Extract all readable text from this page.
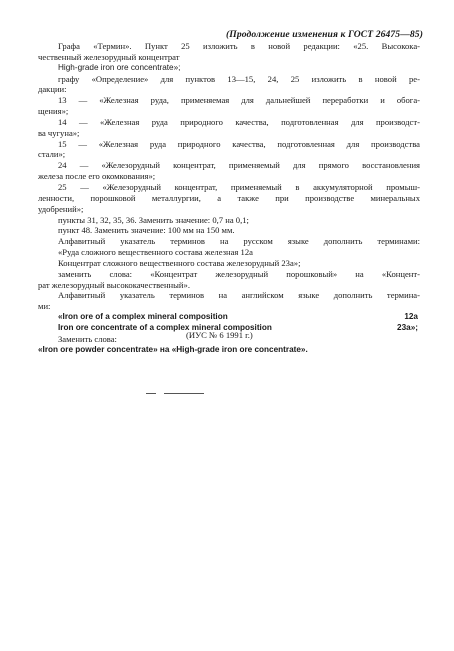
(Продолжение изменения к ГОСТ 26475—85)
Графа «Термин». Пункт 25 изложить в новой редакции: «25. Высокока-
чественный железорудный концентрат
High-grade iron ore concentrate»;
графу «Определение» для пунктов 13—15, 24, 25 изложить в новой ре-
дакции:
13 — «Железная руда, применяемая для дальнейшей переработки и обога-
щения»;
14 — «Железная руда природного качества, подготовленная для производст-
ва чугуна»;
15 — «Железная руда природного качества, подготовленная для производства
стали»;
24 — «Железорудный концентрат, применяемый для прямого восстановления
железа после его окомкования»;
25 — «Железорудный концентрат, применяемый в аккумуляторной промыш-
ленности, порошковой металлургии, а также при производстве минеральных
удобрений»;
пункты 31, 32, 35, 36. Заменить значение: 0,7 на 0,1;
пункт 48. Заменить значение: 100 мм на 150 мм.
Алфавитный указатель терминов на русском языке дополнить терминами:
«Руда сложного вещественного состава железная 12а
Концентрат сложного вещественного состава железорудный 23а»;
заменить слова: «Концентрат железорудный порошковый» на «Концент-
рат железорудный высококачественный».
Алфавитный указатель терминов на английском языке дополнить термина-
ми:
«Iron ore of a complex mineral composition	12a
Iron ore concentrate of a complex mineral composition	23a»;
Заменить слова:
«Iron ore powder concentrate» на «High-grade iron ore concentrate».
(ИУС № 6 1991 г.)
